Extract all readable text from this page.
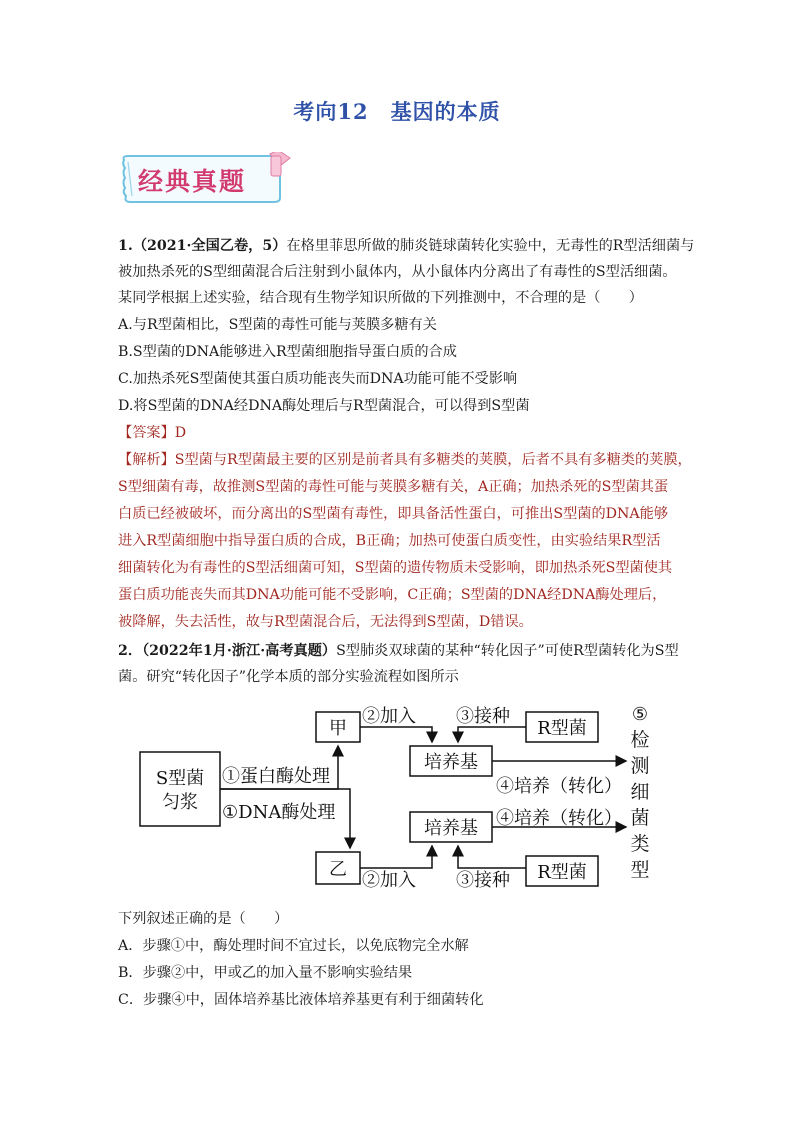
考向12　基因的本质
经典真题
1.（2021·全国乙卷，5）在格里菲思所做的肺炎链球菌转化实验中，无毒性的R型活细菌与
被加热杀死的S型细菌混合后注射到小鼠体内，从小鼠体内分离出了有毒性的S型活细菌。
某同学根据上述实验，结合现有生物学知识所做的下列推测中，不合理的是（　　）
A.与R型菌相比，S型菌的毒性可能与荚膜多糖有关
B.S型菌的DNA能够进入R型菌细胞指导蛋白质的合成
C.加热杀死S型菌使其蛋白质功能丧失而DNA功能可能不受影响
D.将S型菌的DNA经DNA酶处理后与R型菌混合，可以得到S型菌
【答案】D
【解析】S型菌与R型菌最主要的区别是前者具有多糖类的荚膜，后者不具有多糖类的荚膜，
S型细菌有毒，故推测S型菌的毒性可能与荚膜多糖有关，A正确；加热杀死的S型菌其蛋
白质已经被破坏，而分离出的S型菌有毒性，即具备活性蛋白，可推出S型菌的DNA能够
进入R型菌细胞中指导蛋白质的合成，B正确；加热可使蛋白质变性，由实验结果R型活
细菌转化为有毒性的S型活细菌可知，S型菌的遗传物质未受影响，即加热杀死S型菌使其
蛋白质功能丧失而其DNA功能可能不受影响，C正确；S型菌的DNA经DNA酶处理后，
被降解，失去活性，故与R型菌混合后，无法得到S型菌，D错误。
2．（2022年1月·浙江·高考真题）S型肺炎双球菌的某种“转化因子”可使R型菌转化为S型
菌。研究“转化因子”化学本质的部分实验流程如图所示
S型菌
匀浆
甲
乙
①蛋白酶处理
①DNA酶处理
②加入
②加入
③接种
③接种
培养基
培养基
R型菌
R型菌
④培养（转化）
④培养（转化）
⑤
检
测
细
菌
类
型
下列叙述正确的是（　　）
A．步骤①中，酶处理时间不宜过长，以免底物完全水解
B．步骤②中，甲或乙的加入量不影响实验结果
C．步骤④中，固体培养基比液体培养基更有利于细菌转化
